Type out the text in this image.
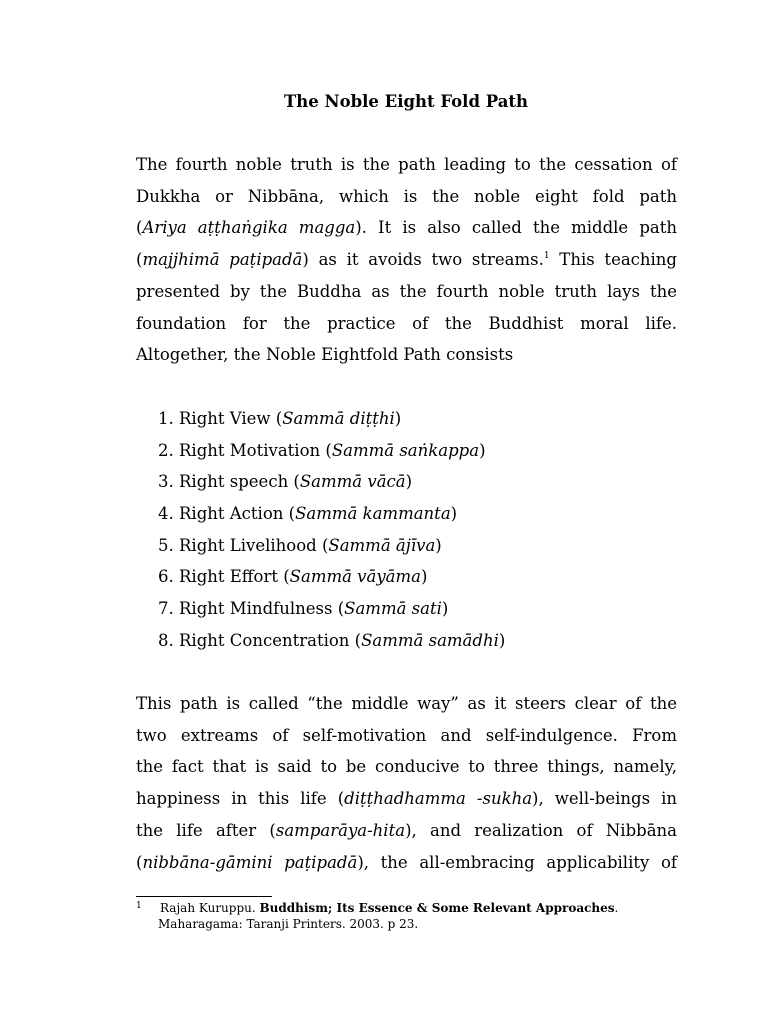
The Noble Eight Fold Path
The fourth noble truth is the path leading to the cessation of
Dukkha or Nibbāna, which is the noble eight fold path
(Ariya aṭṭhaṅgika magga). It is also called the middle path
(majjhimā paṭipadā) as it avoids two streams.$^1$ This teaching
presented by the Buddha as the fourth noble truth lays the
foundation for the practice of the Buddhist moral life.
Altogether, the Noble Eightfold Path consists
1. Right View (Sammā diṭṭhi)
2. Right Motivation (Sammā saṅkappa)
3. Right speech (Sammā vācā)
4. Right Action (Sammā kammanta)
5. Right Livelihood (Sammā ājīva)
6. Right Effort (Sammā vāyāma)
7. Right Mindfulness (Sammā sati)
8. Right Concentration (Sammā samādhi)
This path is called “the middle way” as it steers clear of the
two extreams of self-motivation and self-indulgence. From
the fact that is said to be conducive to three things, namely,
happiness in this life (diṭṭhadhamma -sukha), well-beings in
the life after (samparāya-hita), and realization of Nibbāna
(nibbāna-gāmini paṭipadā), the all-embracing applicability of
1	Rajah Kuruppu. Buddhism; Its Essence & Some Relevant Approaches.
Maharagama: Taranji Printers. 2003. p 23.
